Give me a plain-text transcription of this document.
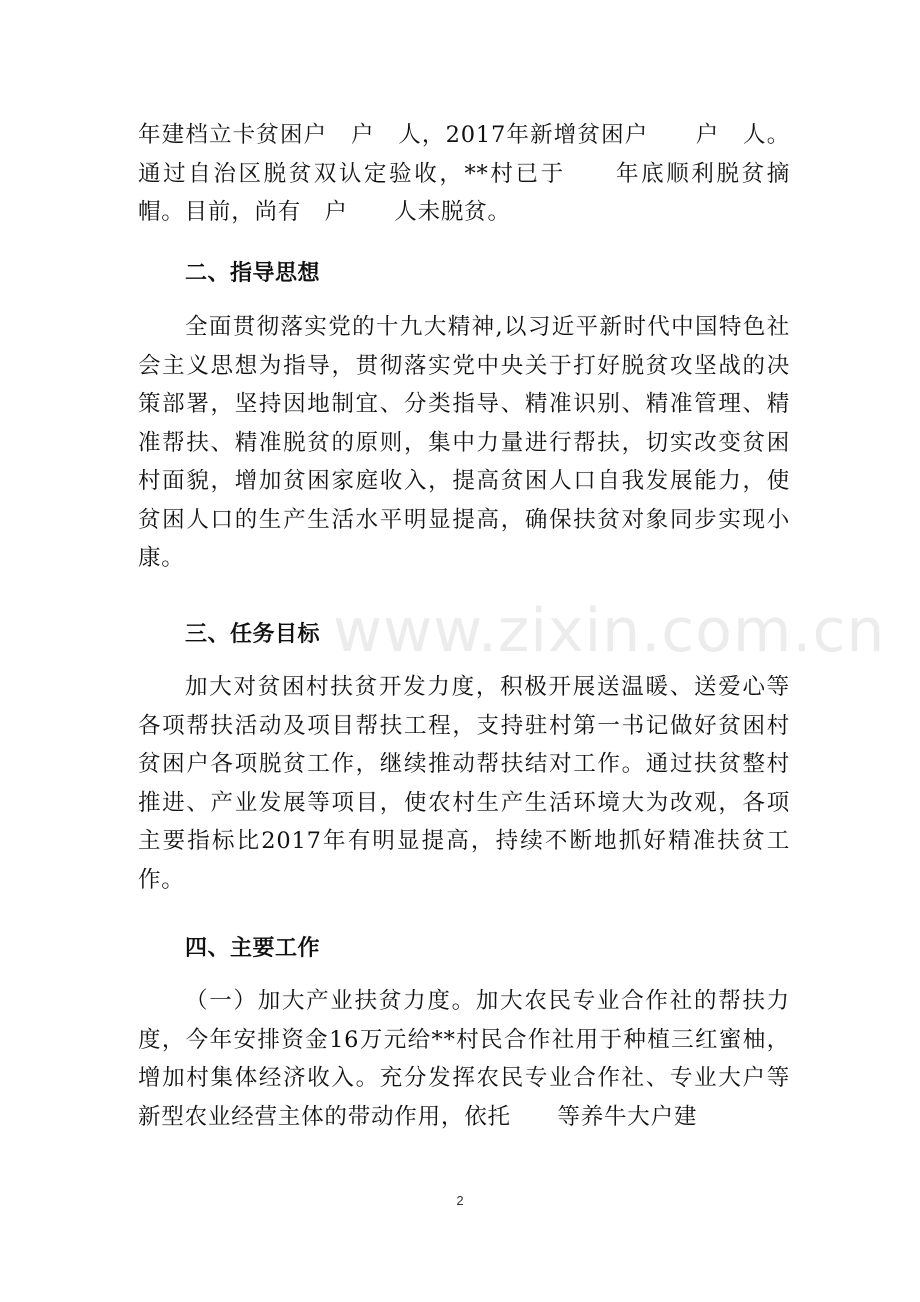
年建档立卡贫困户　户　人，2017年新增贫困户　　户　人。通过自治区脱贫双认定验收，**村已于　　年底顺利脱贫摘帽。目前，尚有　户　　人未脱贫。

二、指导思想

全面贯彻落实党的十九大精神,以习近平新时代中国特色社会主义思想为指导，贯彻落实党中央关于打好脱贫攻坚战的决策部署，坚持因地制宜、分类指导、精准识别、精准管理、精准帮扶、精准脱贫的原则，集中力量进行帮扶，切实改变贫困村面貌，增加贫困家庭收入，提高贫困人口自我发展能力，使贫困人口的生产生活水平明显提高，确保扶贫对象同步实现小康。

三、任务目标

加大对贫困村扶贫开发力度，积极开展送温暖、送爱心等各项帮扶活动及项目帮扶工程，支持驻村第一书记做好贫困村贫困户各项脱贫工作，继续推动帮扶结对工作。通过扶贫整村推进、产业发展等项目，使农村生产生活环境大为改观，各项主要指标比2017年有明显提高，持续不断地抓好精准扶贫工作。

四、主要工作

（一）加大产业扶贫力度。加大农民专业合作社的帮扶力度，今年安排资金16万元给**村民合作社用于种植三红蜜柚，增加村集体经济收入。充分发挥农民专业合作社、专业大户等新型农业经营主体的带动作用，依托　　等养牛大户建

www.zixin.com.cn
2
